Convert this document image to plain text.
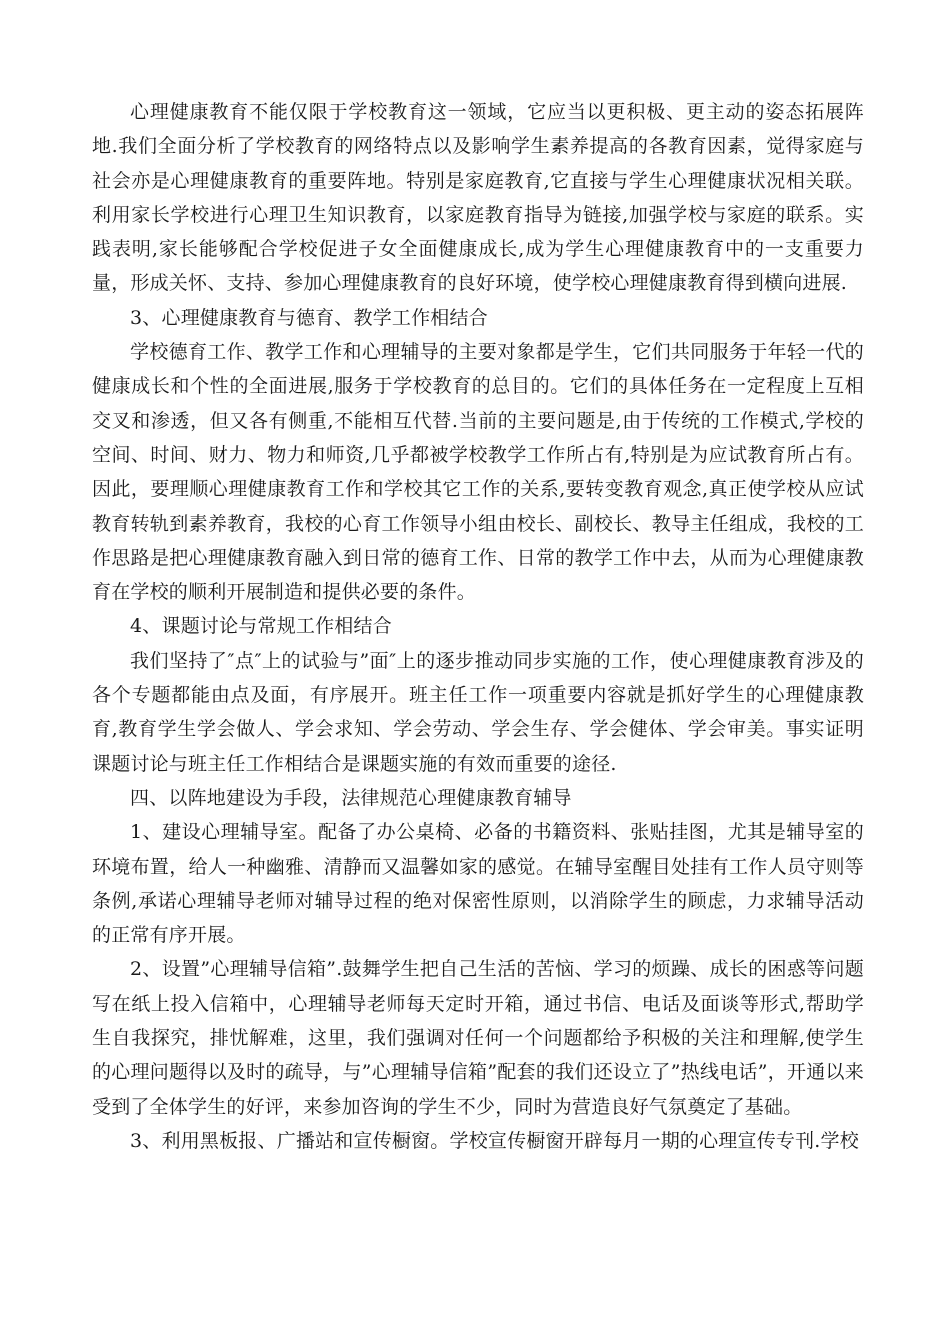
心理健康教育不能仅限于学校教育这一领域，它应当以更积极、更主动的姿态拓展阵地.我们全面分析了学校教育的网络特点以及影响学生素养提高的各教育因素，觉得家庭与社会亦是心理健康教育的重要阵地。特别是家庭教育,它直接与学生心理健康状况相关联。利用家长学校进行心理卫生知识教育，以家庭教育指导为链接,加强学校与家庭的联系。实践表明,家长能够配合学校促进子女全面健康成长,成为学生心理健康教育中的一支重要力量，形成关怀、支持、参加心理健康教育的良好环境，使学校心理健康教育得到横向进展.

3、心理健康教育与德育、教学工作相结合

学校德育工作、教学工作和心理辅导的主要对象都是学生，它们共同服务于年轻一代的健康成长和个性的全面进展,服务于学校教育的总目的。它们的具体任务在一定程度上互相交叉和渗透，但又各有侧重,不能相互代替.当前的主要问题是,由于传统的工作模式,学校的空间、时间、财力、物力和师资,几乎都被学校教学工作所占有,特别是为应试教育所占有。因此，要理顺心理健康教育工作和学校其它工作的关系,要转变教育观念,真正使学校从应试教育转轨到素养教育，我校的心育工作领导小组由校长、副校长、教导主任组成，我校的工作思路是把心理健康教育融入到日常的德育工作、日常的教学工作中去，从而为心理健康教育在学校的顺利开展制造和提供必要的条件。

4、课题讨论与常规工作相结合

我们坚持了″点″上的试验与”面″上的逐步推动同步实施的工作，使心理健康教育涉及的各个专题都能由点及面，有序展开。班主任工作一项重要内容就是抓好学生的心理健康教育,教育学生学会做人、学会求知、学会劳动、学会生存、学会健体、学会审美。事实证明课题讨论与班主任工作相结合是课题实施的有效而重要的途径.

四、以阵地建设为手段，法律规范心理健康教育辅导

1、建设心理辅导室。配备了办公桌椅、必备的书籍资料、张贴挂图，尤其是辅导室的环境布置，给人一种幽雅、清静而又温馨如家的感觉。在辅导室醒目处挂有工作人员守则等条例,承诺心理辅导老师对辅导过程的绝对保密性原则，以消除学生的顾虑，力求辅导活动的正常有序开展。

2、设置”心理辅导信箱”.鼓舞学生把自己生活的苦恼、学习的烦躁、成长的困惑等问题写在纸上投入信箱中，心理辅导老师每天定时开箱，通过书信、电话及面谈等形式,帮助学生自我探究，排忧解难，这里，我们强调对任何一个问题都给予积极的关注和理解,使学生的心理问题得以及时的疏导，与”心理辅导信箱”配套的我们还设立了”热线电话”，开通以来受到了全体学生的好评，来参加咨询的学生不少，同时为营造良好气氛奠定了基础。

3、利用黑板报、广播站和宣传橱窗。学校宣传橱窗开辟每月一期的心理宣传专刊.学校
